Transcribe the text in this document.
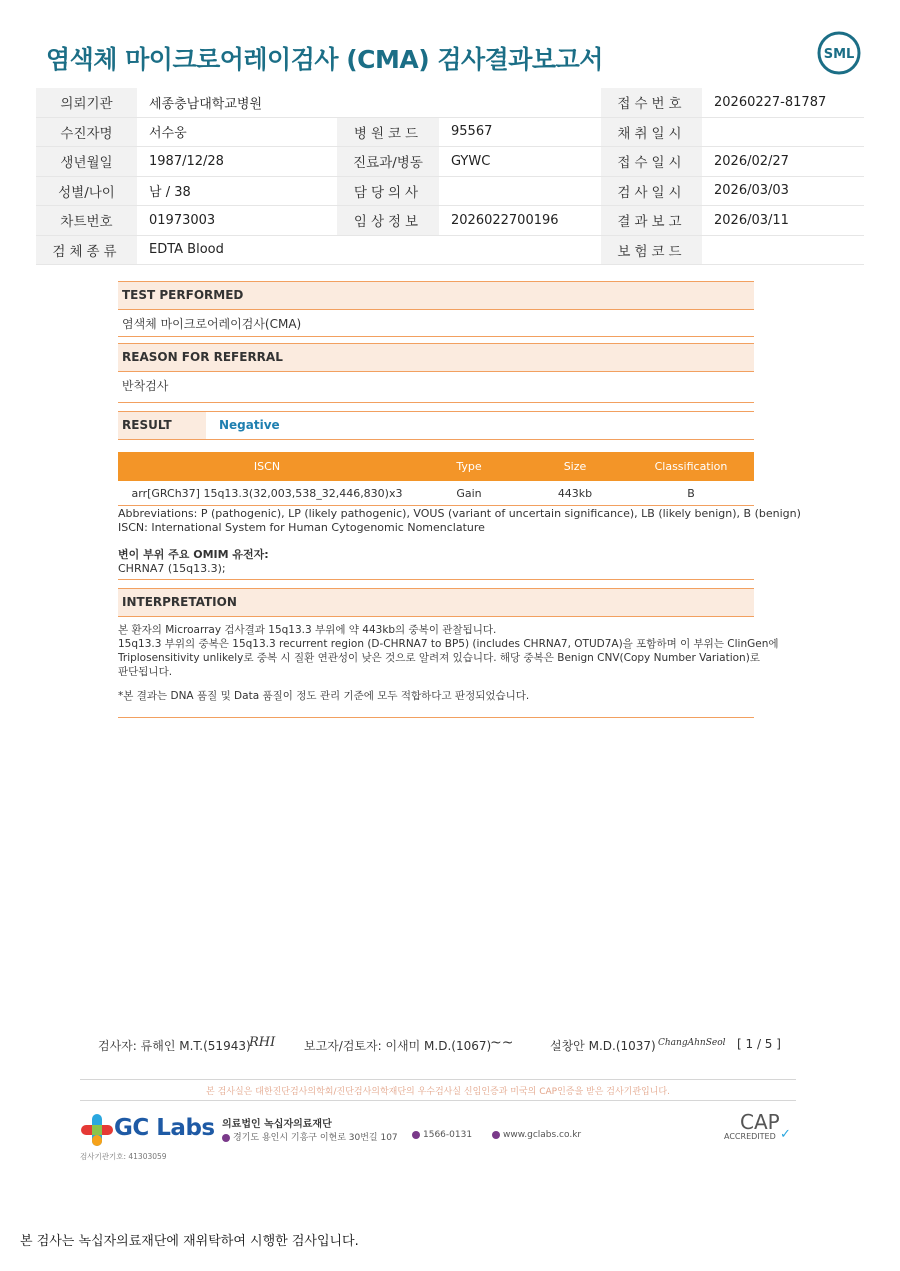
염색체 마이크로어레이검사 (CMA) 검사결과보고서	SML
의뢰기관	세종충남대학교병원			접수번호	20260227-81787
수진자명	서수웅	병원코드	95567	채취일시	
생년월일	1987/12/28	진료과/병동	GYWC	접수일시	2026/02/27
성별/나이	남 / 38	담당의사		검사일시	2026/03/03
차트번호	01973003	임상정보	2026022700196	결과보고	2026/03/11
검체종류	EDTA Blood			보험코드	
TEST PERFORMED
염색체 마이크로어레이검사(CMA)
REASON FOR REFERRAL
반착검사
RESULT	Negative
ISCN	Type	Size	Classification
arr[GRCh37] 15q13.3(32,003,538_32,446,830)x3	Gain	443kb	B
Abbreviations: P (pathogenic), LP (likely pathogenic), VOUS (variant of uncertain significance), LB (likely benign), B (benign)
ISCN: International System for Human Cytogenomic Nomenclature
변이 부위 주요 OMIM 유전자:
CHRNA7 (15q13.3);
INTERPRETATION
본 환자의 Microarray 검사결과 15q13.3 부위에 약 443kb의 중복이 관찰됩니다.
15q13.3 부위의 중복은 15q13.3 recurrent region (D-CHRNA7 to BP5) (includes CHRNA7, OTUD7A)을 포함하며 이 부위는 ClinGen에
Triplosensitivity unlikely로 중복 시 질환 연관성이 낮은 것으로 알려져 있습니다. 해당 중복은 Benign CNV(Copy Number Variation)로
판단됩니다.
*본 결과는 DNA 품질 및 Data 품질이 정도 관리 기준에 모두 적합하다고 판정되었습니다.
검사자: 류해인 M.T.(51943)
RHI 보고자/검토자: 이새미 M.D.(1067)
~~	설창안 M.D.(1037) ChangAhnSeol [ 1 / 5 ]
본 검사실은 대한진단검사의학회/진단검사의학재단의 우수검사실 신임인증과 미국의 CAP인증을 받은 검사기관입니다.
GC Labs 의료법인 녹십자의료재단
경기도 용인시 기흥구 이현로 30번길 107	1566-0131	www.gclabs.co.kr
검사기관기호: 41303059
CAP
ACCREDITED ✓
본 검사는 녹십자의료재단에 재위탁하여 시행한 검사입니다.
